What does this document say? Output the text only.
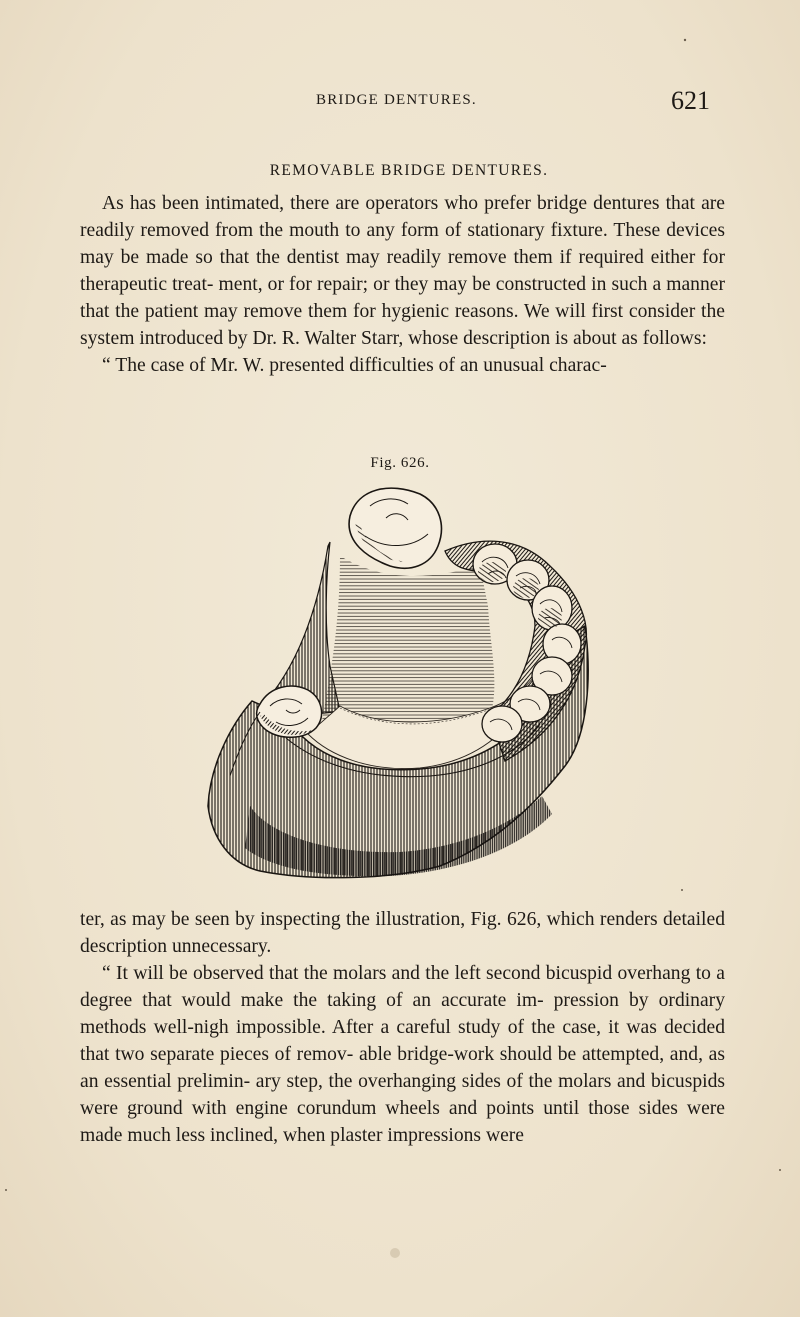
BRIDGE DENTURES.	621
REMOVABLE BRIDGE DENTURES.

As has been intimated, there are operators who prefer bridge dentures that are readily removed from the mouth to any form of stationary fixture. These devices may be made so that the dentist may readily remove them if required either for therapeutic treat- ment, or for repair; or they may be constructed in such a manner that the patient may remove them for hygienic reasons. We will first consider the system introduced by Dr. R. Walter Starr, whose description is about as follows:

“ The case of Mr. W. presented difficulties of an unusual charac-

Fig. 626.

ter, as may be seen by inspecting the illustration, Fig. 626, which renders detailed description unnecessary.

“ It will be observed that the molars and the left second bicuspid overhang to a degree that would make the taking of an accurate im- pression by ordinary methods well-nigh impossible. After a careful study of the case, it was decided that two separate pieces of remov- able bridge-work should be attempted, and, as an essential prelimin- ary step, the overhanging sides of the molars and bicuspids were ground with engine corundum wheels and points until those sides were made much less inclined, when plaster impressions were
